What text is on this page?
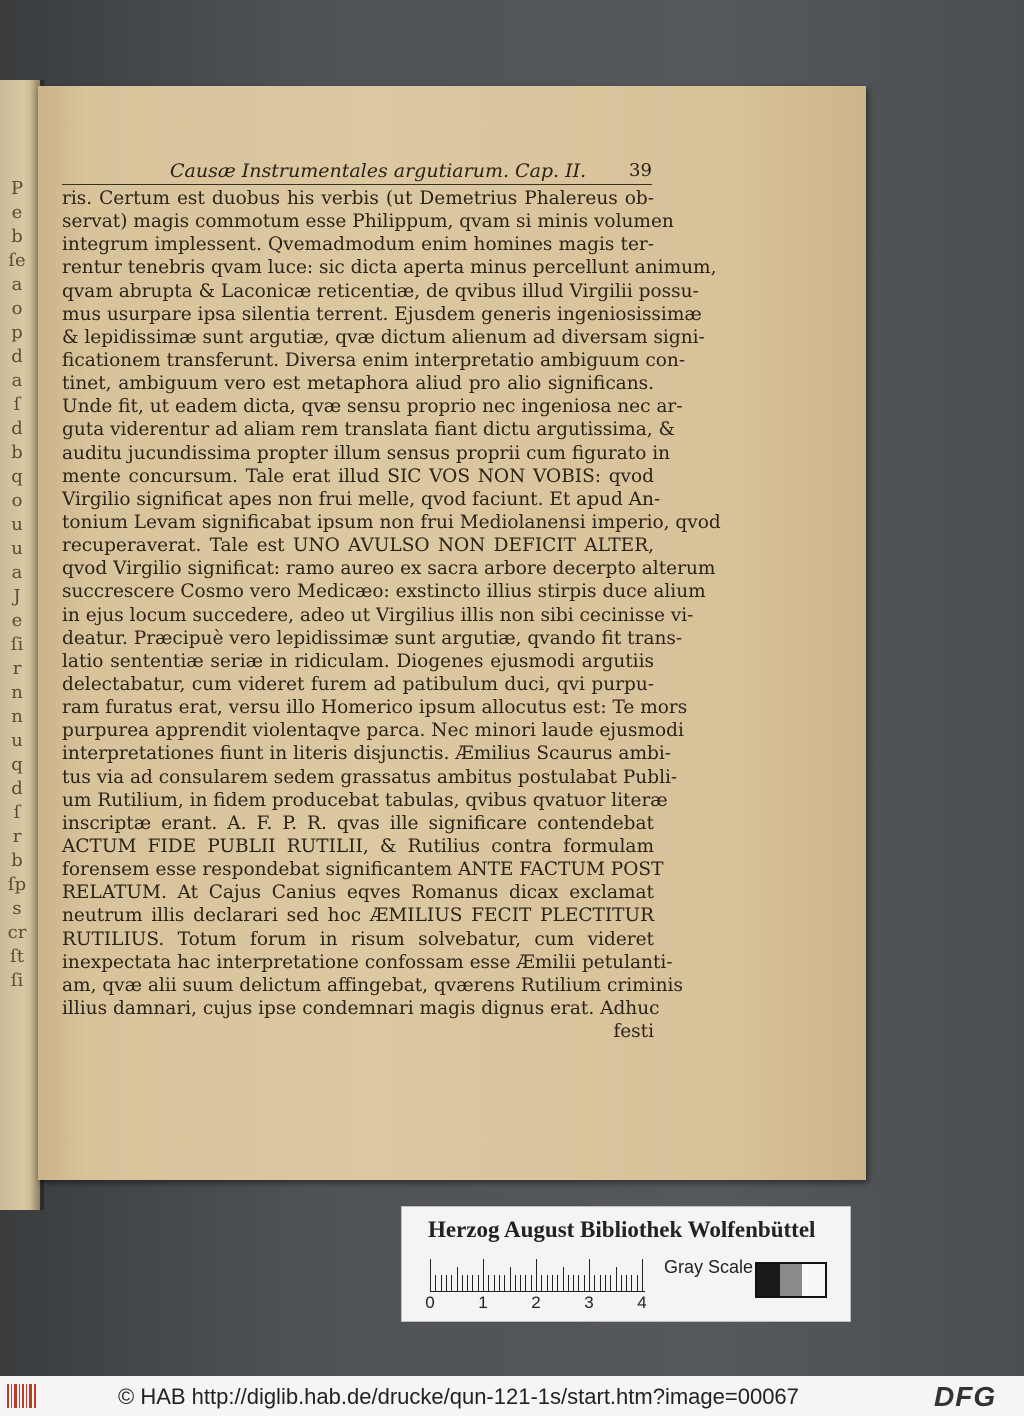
P
e
b
ſe
a
o
p
d
a
ſ
d
b
q
o
u
u
a
J
e
ſi
r
n
n
u
q
d
ſ
r
b
ſp
s
cr
ſt
ſi
Causæ Instrumentales argutiarum. Cap. II. 39
ris. Certum est duobus his verbis (ut Demetrius Phalereus ob-
servat) magis commotum esse Philippum, qvam si minis volumen
integrum implessent. Qvemadmodum enim homines magis ter-
rentur tenebris qvam luce: sic dicta aperta minus percellunt animum,
qvam abrupta & Laconicæ reticentiæ, de qvibus illud Virgilii possu-
mus usurpare ipsa silentia terrent. Ejusdem generis ingeniosissimæ
& lepidissimæ sunt argutiæ, qvæ dictum alienum ad diversam signi-
ficationem transferunt. Diversa enim interpretatio ambiguum con-
tinet, ambiguum vero est metaphora aliud pro alio significans.
Unde fit, ut eadem dicta, qvæ sensu proprio nec ingeniosa nec ar-
guta viderentur ad aliam rem translata fiant dictu argutissima, &
auditu jucundissima propter illum sensus proprii cum figurato in
mente concursum. Tale erat illud SIC VOS NON VOBIS: qvod
Virgilio significat apes non frui melle, qvod faciunt. Et apud An-
tonium Levam significabat ipsum non frui Mediolanensi imperio, qvod
recuperaverat. Tale est UNO AVULSO NON DEFICIT ALTER,
qvod Virgilio significat: ramo aureo ex sacra arbore decerpto alterum
succrescere Cosmo vero Medicæo: exstincto illius stirpis duce alium
in ejus locum succedere, adeo ut Virgilius illis non sibi cecinisse vi-
deatur. Præcipuè vero lepidissimæ sunt argutiæ, qvando fit trans-
latio sententiæ seriæ in ridiculam. Diogenes ejusmodi argutiis
delectabatur, cum videret furem ad patibulum duci, qvi purpu-
ram furatus erat, versu illo Homerico ipsum allocutus est: Te mors
purpurea apprendit violentaqve parca. Nec minori laude ejusmodi
interpretationes fiunt in literis disjunctis. Æmilius Scaurus ambi-
tus via ad consularem sedem grassatus ambitus postulabat Publi-
um Rutilium, in fidem producebat tabulas, qvibus qvatuor literæ
inscriptæ erant. A. F. P. R. qvas ille significare contendebat
ACTUM FIDE PUBLII RUTILII, & Rutilius contra formulam
forensem esse respondebat significantem ANTE FACTUM POST
RELATUM. At Cajus Canius eqves Romanus dicax exclamat
neutrum illis declarari sed hoc ÆMILIUS FECIT PLECTITUR
RUTILIUS. Totum forum in risum solvebatur, cum videret
inexpectata hac interpretatione confossam esse Æmilii petulanti-
am, qvæ alii suum delictum affingebat, qværens Rutilium criminis
illius damnari, cujus ipse condemnari magis dignus erat. Adhuc
festi
Herzog August Bibliothek Wolfenbüttel
0	1	2	3	4
Gray Scale
© HAB http://diglib.hab.de/drucke/qun-121-1s/start.htm?image=00067	DFG
